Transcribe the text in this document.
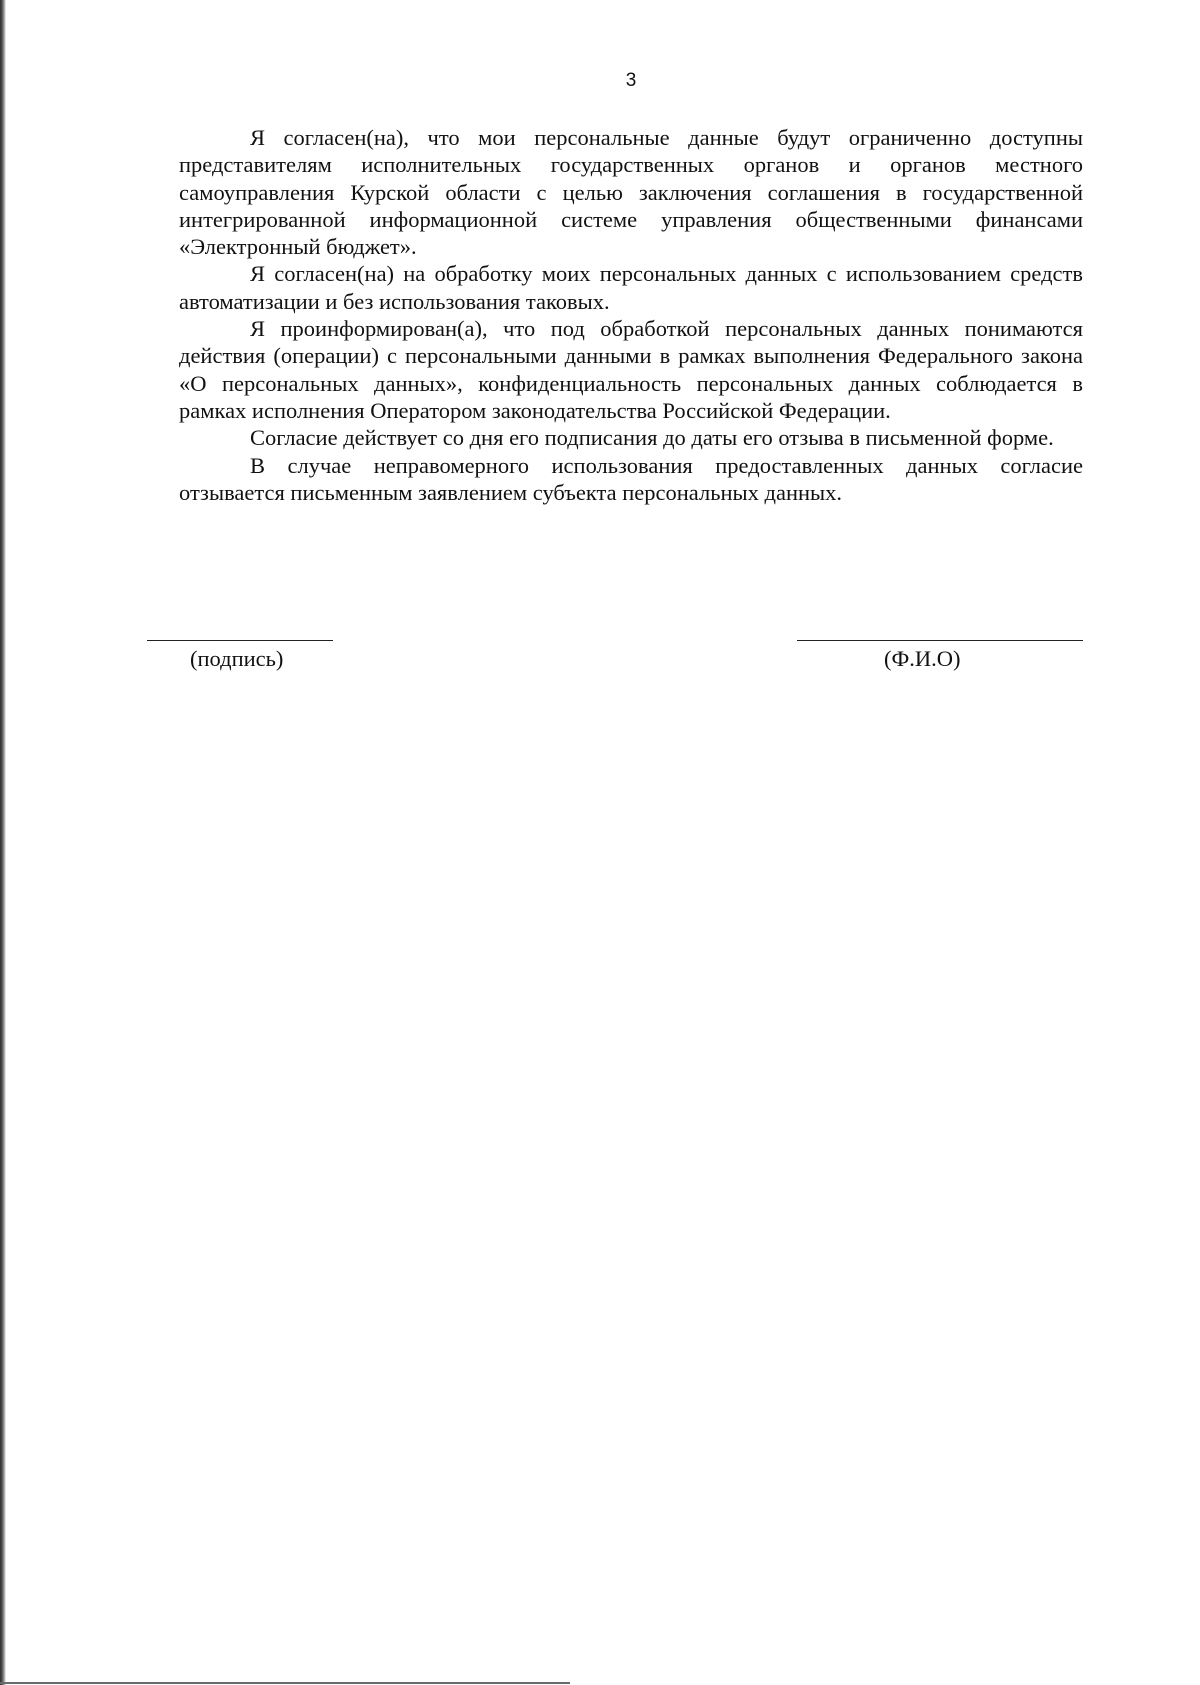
3

Я согласен(на), что мои персональные данные будут ограниченно доступны представителям исполнительных государственных органов и органов местного самоуправления Курской области с целью заключения соглашения в государственной интегрированной информационной системе управления общественными финансами «Электронный бюджет».

Я согласен(на) на обработку моих персональных данных с использованием средств автоматизации и без использования таковых.

Я проинформирован(а), что под обработкой персональных данных понимаются действия (операции) с персональными данными в рамках выполнения Федерального закона «О персональных данных», конфиденциальность персональных данных соблюдается в рамках исполнения Оператором законодательства Российской Федерации.

Согласие действует со дня его подписания до даты его отзыва в письменной форме.

В случае неправомерного использования предоставленных данных согласие отзывается письменным заявлением субъекта персональных данных.

(подпись)	(Ф.И.О)
